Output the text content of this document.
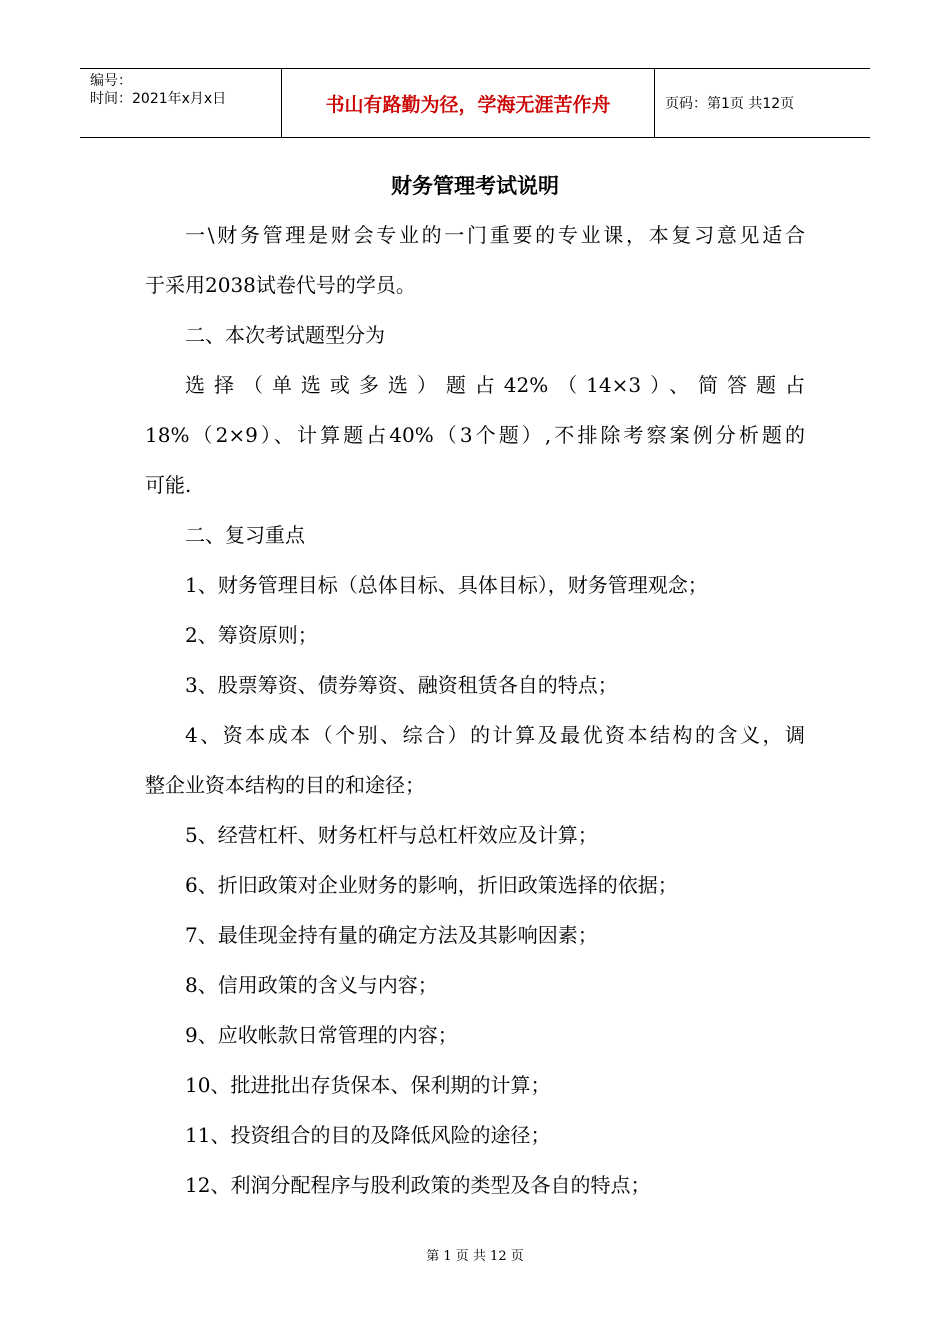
编号：
时间：2021年x月x日	书山有路勤为径，学海无涯苦作舟	页码：第1页 共12页
财务管理考试说明

一\财务管理是财会专业的一门重要的专业课，本复习意见适合

于采用2038试卷代号的学员。

二、本次考试题型分为

选择（单选或多选）题占42%（14×3）、简答题占

18%（2×9）、计算题占40%（3个题）,不排除考察案例分析题的

可能.

二、复习重点

1、财务管理目标（总体目标、具体目标），财务管理观念；

2、筹资原则；

3、股票筹资、债券筹资、融资租赁各自的特点；

4、资本成本（个别、综合）的计算及最优资本结构的含义，调

整企业资本结构的目的和途径；

5、经营杠杆、财务杠杆与总杠杆效应及计算；

6、折旧政策对企业财务的影响，折旧政策选择的依据；

7、最佳现金持有量的确定方法及其影响因素；

8、信用政策的含义与内容；

9、应收帐款日常管理的内容；

10、批进批出存货保本、保利期的计算；

11、投资组合的目的及降低风险的途径；

12、利润分配程序与股利政策的类型及各自的特点；

第 1 页 共 12 页
